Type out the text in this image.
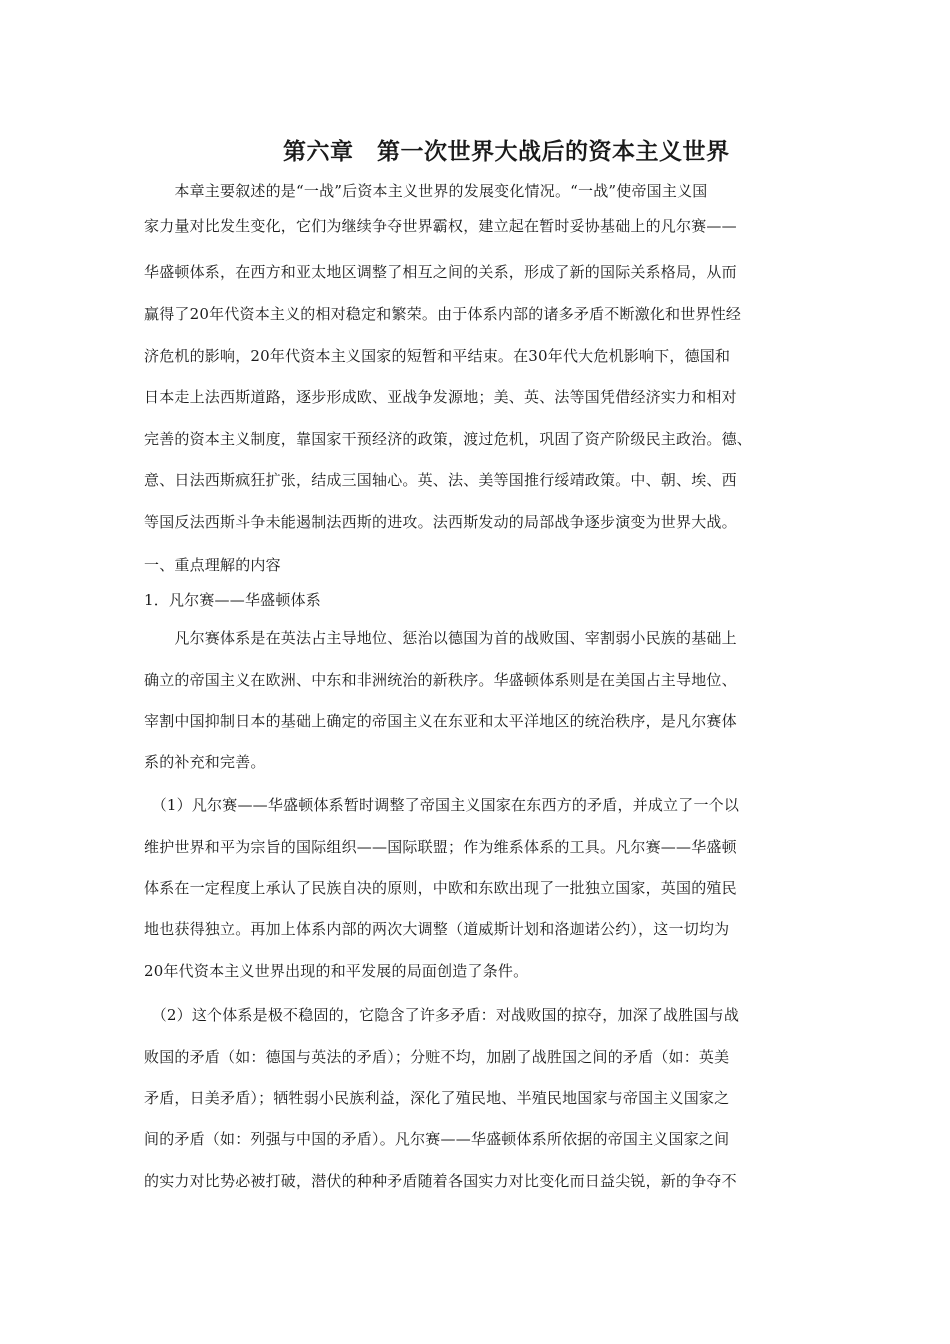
第六章　第一次世界大战后的资本主义世界
　　本章主要叙述的是“一战”后资本主义世界的发展变化情况。“一战”使帝国主义国
家力量对比发生变化，它们为继续争夺世界霸权，建立起在暂时妥协基础上的凡尔赛——
华盛顿体系，在西方和亚太地区调整了相互之间的关系，形成了新的国际关系格局，从而
赢得了20年代资本主义的相对稳定和繁荣。由于体系内部的诸多矛盾不断激化和世界性经
济危机的影响，20年代资本主义国家的短暂和平结束。在30年代大危机影响下，德国和
日本走上法西斯道路，逐步形成欧、亚战争发源地；美、英、法等国凭借经济实力和相对
完善的资本主义制度，靠国家干预经济的政策，渡过危机，巩固了资产阶级民主政治。德、
意、日法西斯疯狂扩张，结成三国轴心。英、法、美等国推行绥靖政策。中、朝、埃、西
等国反法西斯斗争未能遏制法西斯的进攻。法西斯发动的局部战争逐步演变为世界大战。
一、重点理解的内容
1．凡尔赛——华盛顿体系
　　凡尔赛体系是在英法占主导地位、惩治以德国为首的战败国、宰割弱小民族的基础上
确立的帝国主义在欧洲、中东和非洲统治的新秩序。华盛顿体系则是在美国占主导地位、
宰割中国抑制日本的基础上确定的帝国主义在东亚和太平洋地区的统治秩序，是凡尔赛体
系的补充和完善。
　（1）凡尔赛——华盛顿体系暂时调整了帝国主义国家在东西方的矛盾，并成立了一个以
维护世界和平为宗旨的国际组织——国际联盟；作为维系体系的工具。凡尔赛——华盛顿
体系在一定程度上承认了民族自决的原则，中欧和东欧出现了一批独立国家，英国的殖民
地也获得独立。再加上体系内部的两次大调整（道威斯计划和洛迦诺公约），这一切均为
20年代资本主义世界出现的和平发展的局面创造了条件。
　（2）这个体系是极不稳固的，它隐含了许多矛盾：对战败国的掠夺，加深了战胜国与战
败国的矛盾（如：德国与英法的矛盾）；分赃不均，加剧了战胜国之间的矛盾（如：英美
矛盾，日美矛盾）；牺牲弱小民族利益，深化了殖民地、半殖民地国家与帝国主义国家之
间的矛盾（如：列强与中国的矛盾）。凡尔赛——华盛顿体系所依据的帝国主义国家之间
的实力对比势必被打破，潜伏的种种矛盾随着各国实力对比变化而日益尖锐，新的争夺不
